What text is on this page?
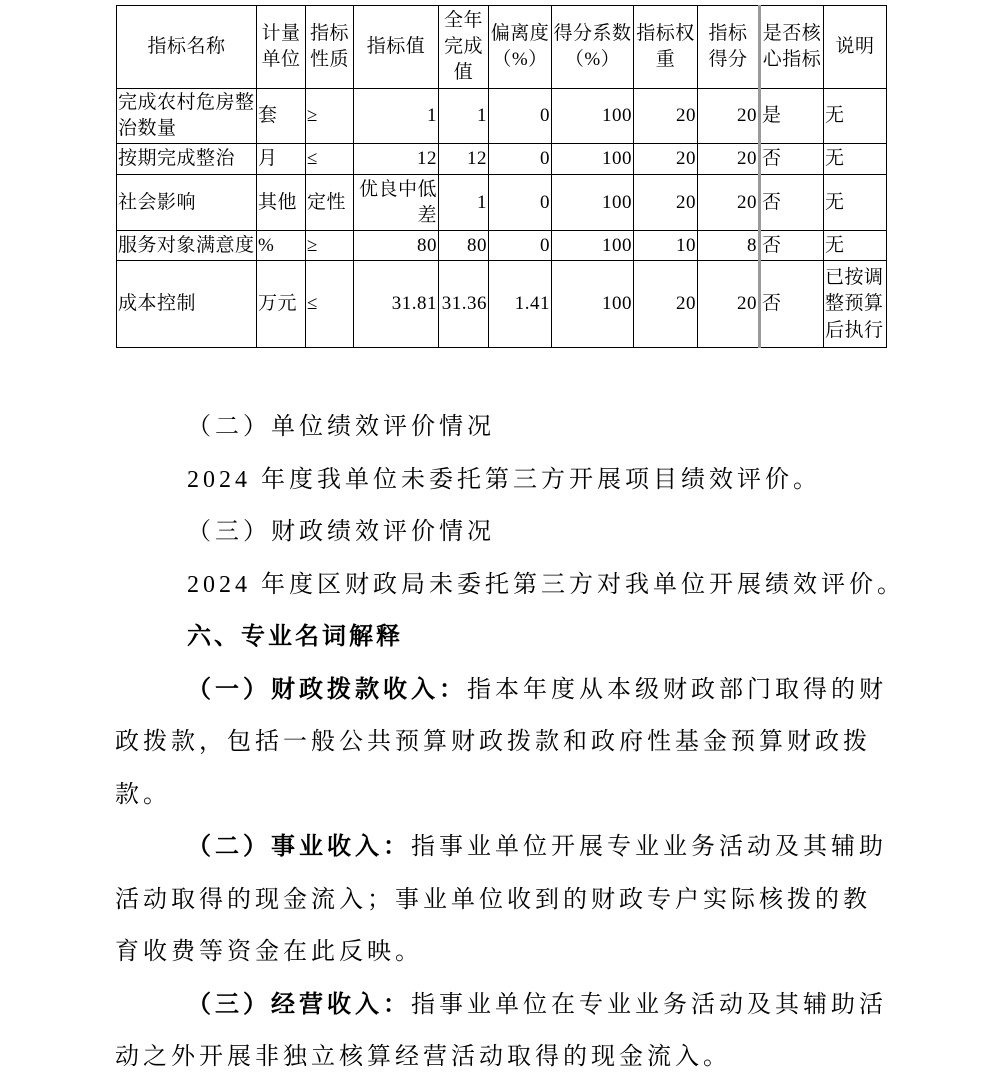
指标名称	计量单位	指标性质	指标值	全年完成值	偏离度（%）	得分系数（%）	指标权重	指标得分	是否核心指标	说明
完成农村危房整治数量	套	≥	1	1	0	100	20	20	是	无
按期完成整治	月	≤	12	12	0	100	20	20	否	无
社会影响	其他	定性	优良中低差	1	0	100	20	20	否	无
服务对象满意度	%	≥	80	80	0	100	10	8	否	无
成本控制	万元	≤	31.81	31.36	1.41	100	20	20	否	已按调整预算后执行
（二）单位绩效评价情况
2024 年度我单位未委托第三方开展项目绩效评价。
（三）财政绩效评价情况
2024 年度区财政局未委托第三方对我单位开展绩效评价。
六、专业名词解释
（一）财政拨款收入：指本年度从本级财政部门取得的财
政拨款，包括一般公共预算财政拨款和政府性基金预算财政拨
款。
（二）事业收入：指事业单位开展专业业务活动及其辅助
活动取得的现金流入；事业单位收到的财政专户实际核拨的教
育收费等资金在此反映。
（三）经营收入：指事业单位在专业业务活动及其辅助活
动之外开展非独立核算经营活动取得的现金流入。
